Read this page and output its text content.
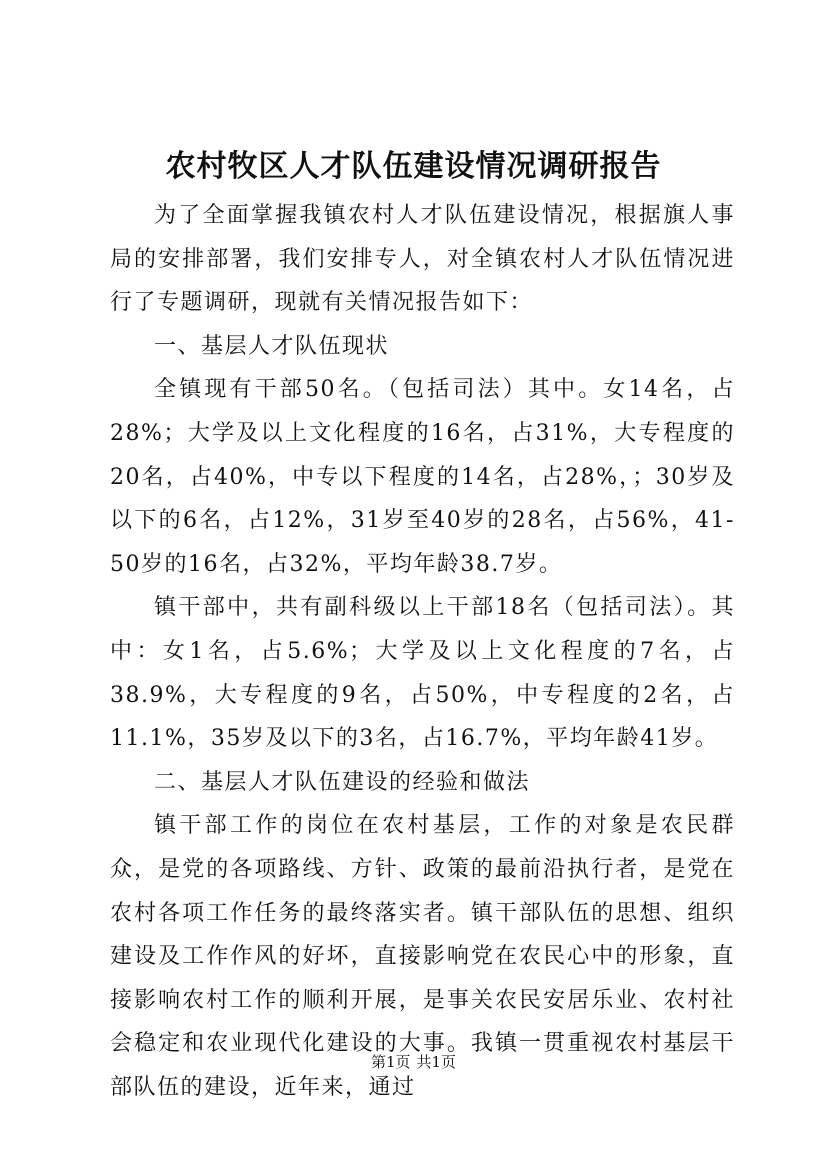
农村牧区人才队伍建设情况调研报告

为了全面掌握我镇农村人才队伍建设情况，根据旗人事局的安排部署，我们安排专人，对全镇农村人才队伍情况进行了专题调研，现就有关情况报告如下：

一、基层人才队伍现状

全镇现有干部50名。（包括司法）其中。女14名，占28%；大学及以上文化程度的16名，占31%，大专程度的20名，占40%，中专以下程度的14名，占28%，；30岁及以下的6名，占12%，31岁至40岁的28名，占56%，41-50岁的16名，占32%，平均年龄38.7岁。

镇干部中，共有副科级以上干部18名（包括司法）。其中：女1名，占5.6%；大学及以上文化程度的7名，占38.9%，大专程度的9名，占50%，中专程度的2名，占11.1%，35岁及以下的3名，占16.7%，平均年龄41岁。

二、基层人才队伍建设的经验和做法

镇干部工作的岗位在农村基层，工作的对象是农民群众，是党的各项路线、方针、政策的最前沿执行者，是党在农村各项工作任务的最终落实者。镇干部队伍的思想、组织建设及工作作风的好坏，直接影响党在农民心中的形象，直接影响农村工作的顺利开展，是事关农民安居乐业、农村社会稳定和农业现代化建设的大事。我镇一贯重视农村基层干部队伍的建设，近年来，通过

第1页 共1页
